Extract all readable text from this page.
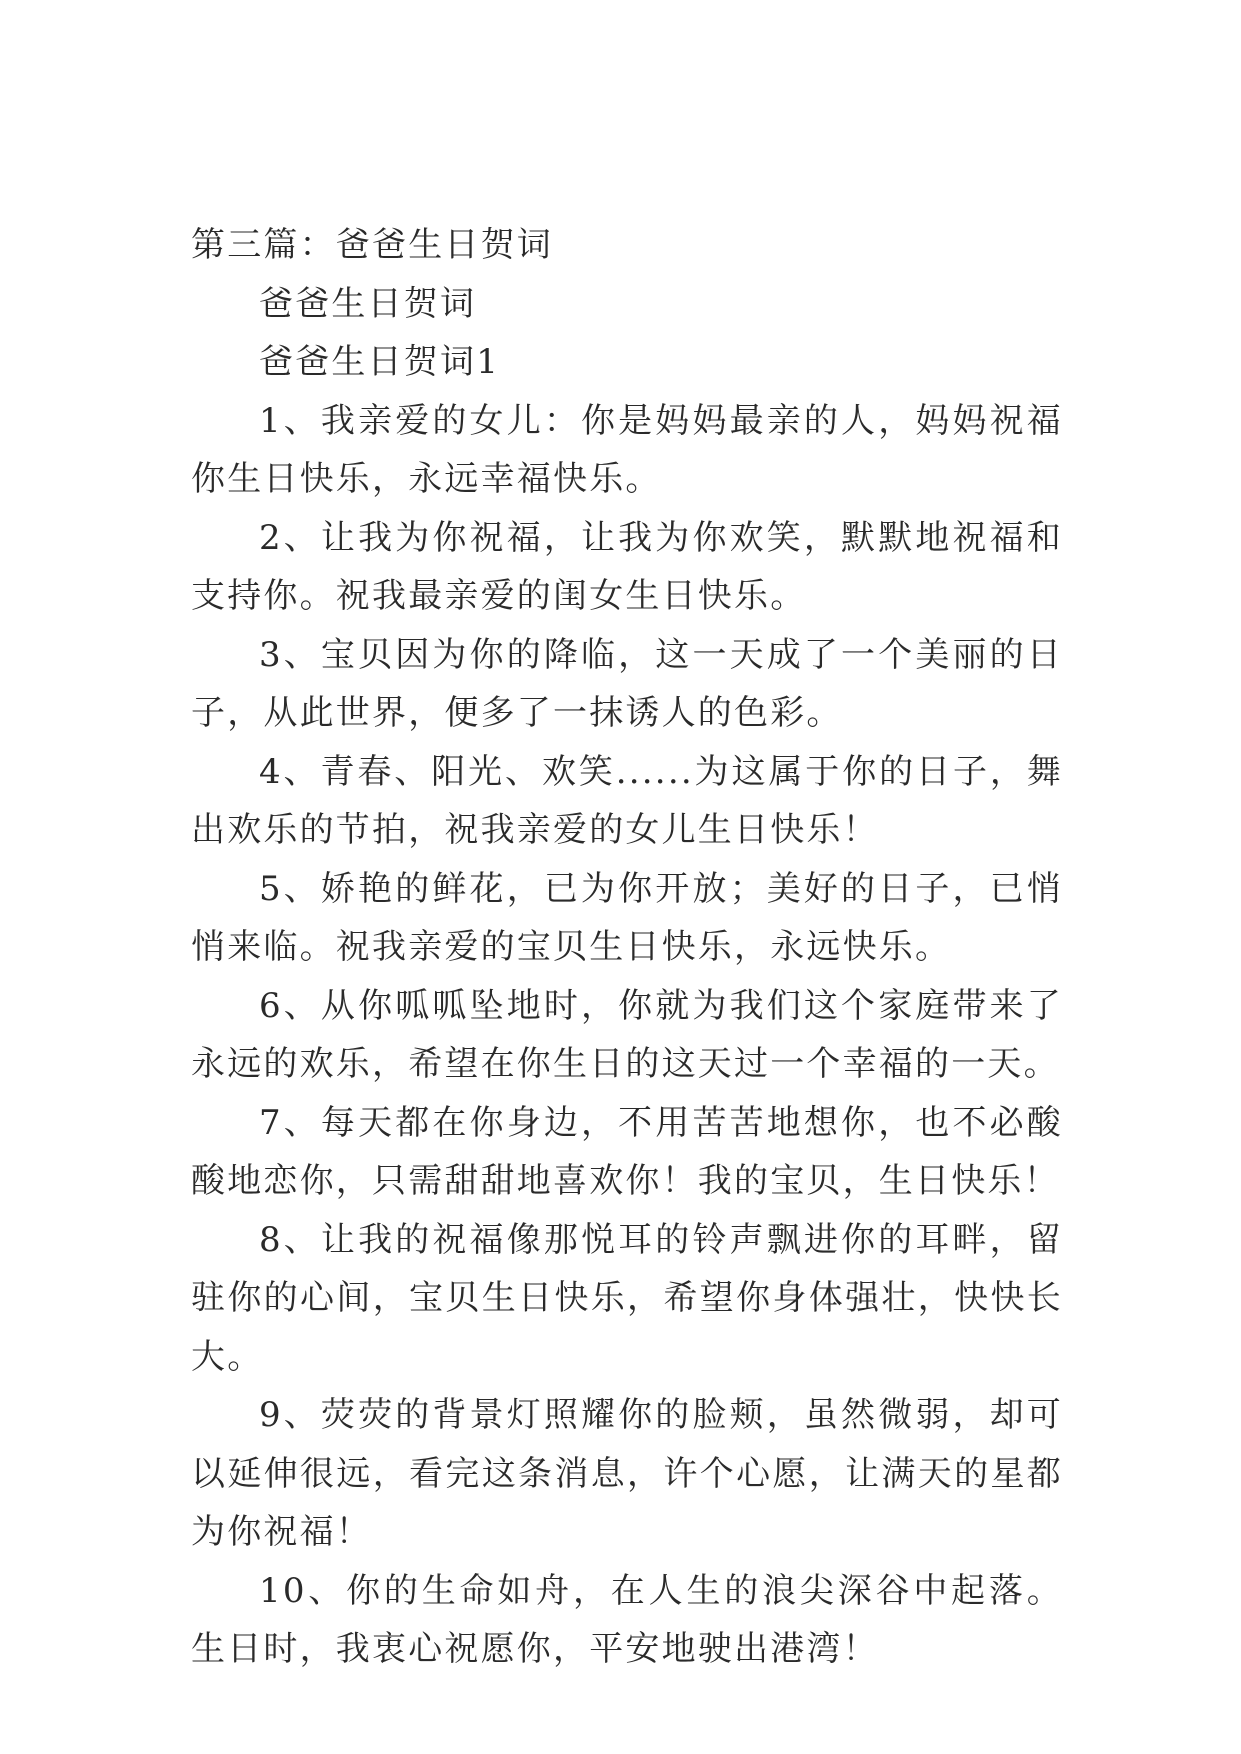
第三篇：爸爸生日贺词

爸爸生日贺词

爸爸生日贺词1

1、我亲爱的女儿：你是妈妈最亲的人，妈妈祝福你生日快乐，永远幸福快乐。

2、让我为你祝福，让我为你欢笑，默默地祝福和支持你。祝我最亲爱的闺女生日快乐。

3、宝贝因为你的降临，这一天成了一个美丽的日子，从此世界，便多了一抹诱人的色彩。

4、青春、阳光、欢笑......为这属于你的日子，舞出欢乐的节拍，祝我亲爱的女儿生日快乐！

5、娇艳的鲜花，已为你开放；美好的日子，已悄悄来临。祝我亲爱的宝贝生日快乐，永远快乐。

6、从你呱呱坠地时，你就为我们这个家庭带来了永远的欢乐，希望在你生日的这天过一个幸福的一天。

7、每天都在你身边，不用苦苦地想你，也不必酸酸地恋你，只需甜甜地喜欢你！我的宝贝，生日快乐！

8、让我的祝福像那悦耳的铃声飘进你的耳畔，留驻你的心间，宝贝生日快乐，希望你身体强壮，快快长大。

9、荧荧的背景灯照耀你的脸颊，虽然微弱，却可以延伸很远，看完这条消息，许个心愿，让满天的星都为你祝福！

10、你的生命如舟，在人生的浪尖深谷中起落。生日时，我衷心祝愿你，平安地驶出港湾！
